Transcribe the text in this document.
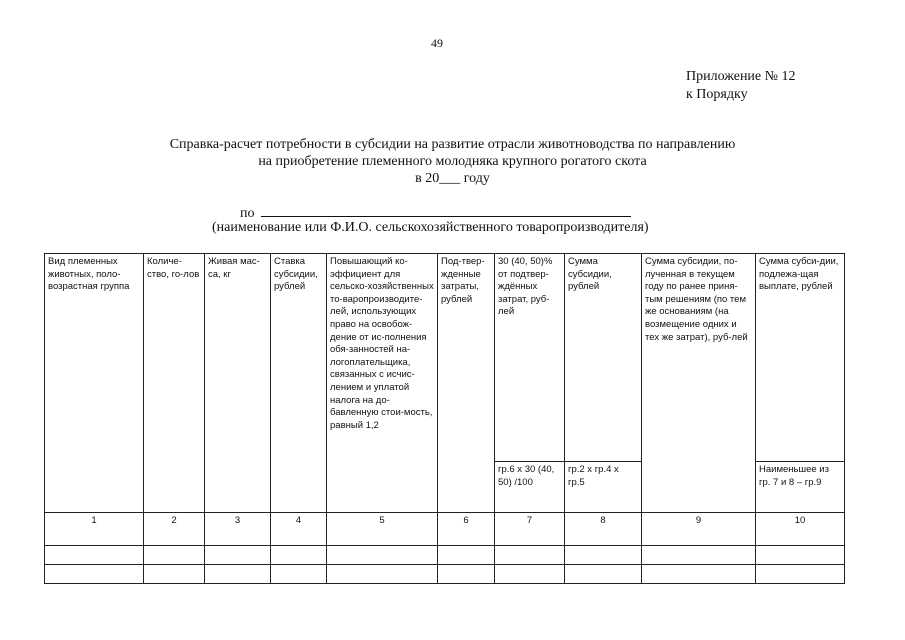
49
Приложение № 12
к Порядку
Справка-расчет потребности в субсидии на развитие отрасли животноводства по направлению
на приобретение племенного молодняка крупного рогатого скота
в 20___ году
по
(наименование или Ф.И.О. сельскохозяйственного товаропроизводителя)
Вид племенных животных, поло-возрастная группа	Количе-ство, го-лов	Живая мас-са, кг	Ставка субсидии, рублей	Повышающий ко-эффициент для сельско-хозяйственных то-варопроизводите-лей, использующих право на освобож-дение от ис-полнения обя-занностей на-логоплательщика, связанных с исчис-лением и уплатой налога на до-бавленную стои-мость, равный 1,2	Под-твер-жденные затраты, рублей	30 (40, 50)% от подтвер-ждённых затрат, руб-лей	Сумма субсидии, рублей	Сумма субсидии, по-лученная в текущем году по ранее приня-тым решениям (по тем же основаниям (на возмещение одних и тех же затрат), руб-лей	Сумма субси-дии, подлежа-щая выплате, рублей

						гр.6 х 30 (40, 50) /100	гр.2 х гр.4 х гр.5		Наименьшее из гр. 7 и 8 – гр.9
1	2	3	4	5	6	7	8	9	10
